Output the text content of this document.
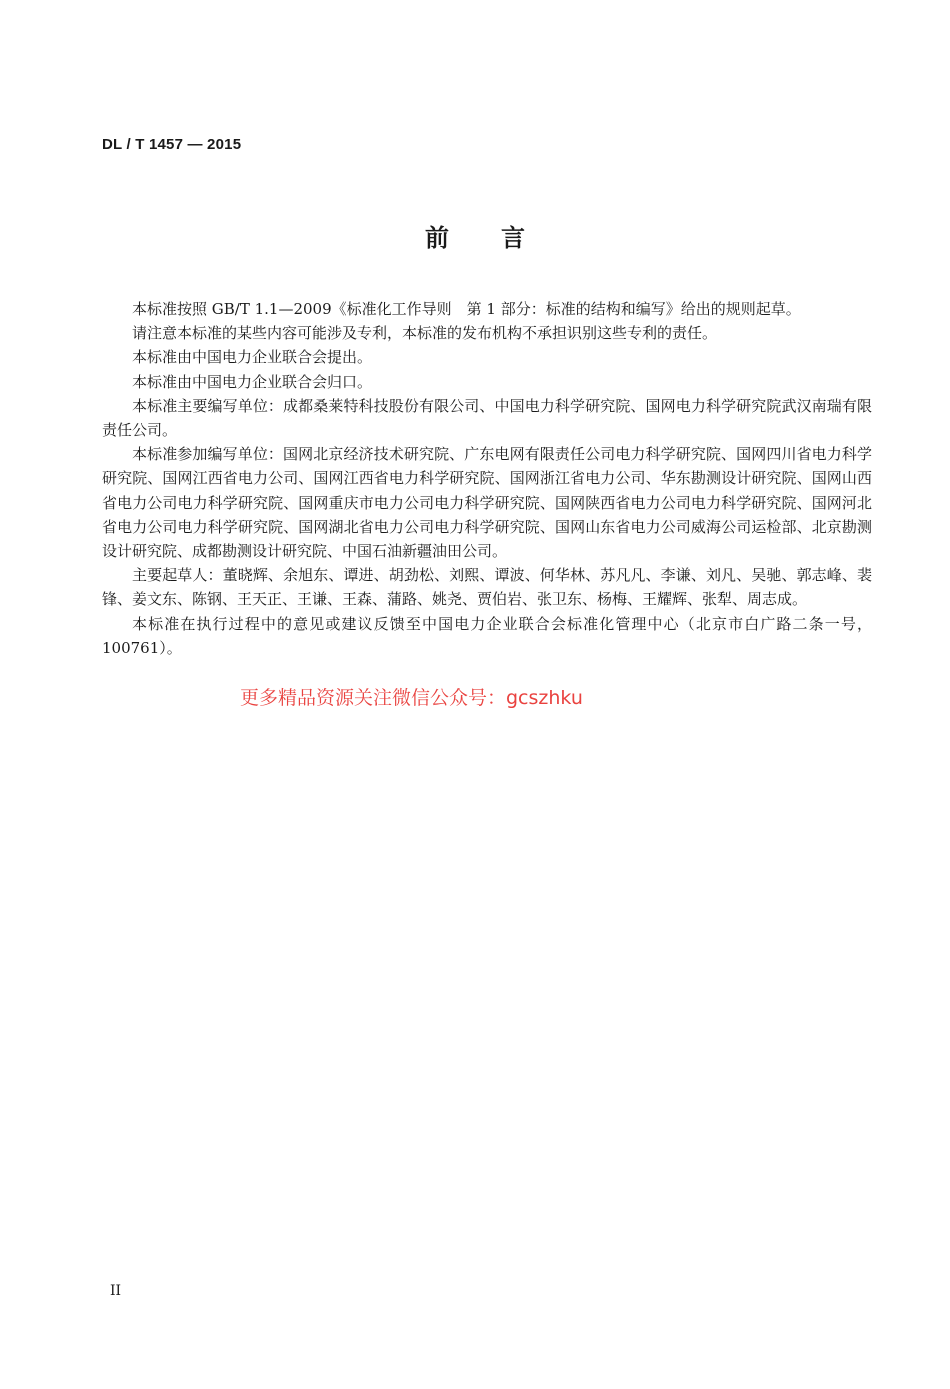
DL / T 1457 — 2015
前 言

本标准按照 GB/T 1.1—2009《标准化工作导则　第 1 部分：标准的结构和编写》给出的规则起草。

请注意本标准的某些内容可能涉及专利，本标准的发布机构不承担识别这些专利的责任。

本标准由中国电力企业联合会提出。

本标准由中国电力企业联合会归口。

本标准主要编写单位：成都桑莱特科技股份有限公司、中国电力科学研究院、国网电力科学研究院武汉南瑞有限责任公司。

本标准参加编写单位：国网北京经济技术研究院、广东电网有限责任公司电力科学研究院、国网四川省电力科学研究院、国网江西省电力公司、国网江西省电力科学研究院、国网浙江省电力公司、华东勘测设计研究院、国网山西省电力公司电力科学研究院、国网重庆市电力公司电力科学研究院、国网陕西省电力公司电力科学研究院、国网河北省电力公司电力科学研究院、国网湖北省电力公司电力科学研究院、国网山东省电力公司威海公司运检部、北京勘测设计研究院、成都勘测设计研究院、中国石油新疆油田公司。

主要起草人：董晓辉、余旭东、谭进、胡劲松、刘熙、谭波、何华林、苏凡凡、李谦、刘凡、吴驰、郭志峰、裴锋、姜文东、陈钢、王天正、王谦、王森、蒲路、姚尧、贾伯岩、张卫东、杨梅、王耀辉、张犁、周志成。

本标准在执行过程中的意见或建议反馈至中国电力企业联合会标准化管理中心（北京市白广路二条一号，100761）。

更多精品资源关注微信公众号：gcszhku
II
